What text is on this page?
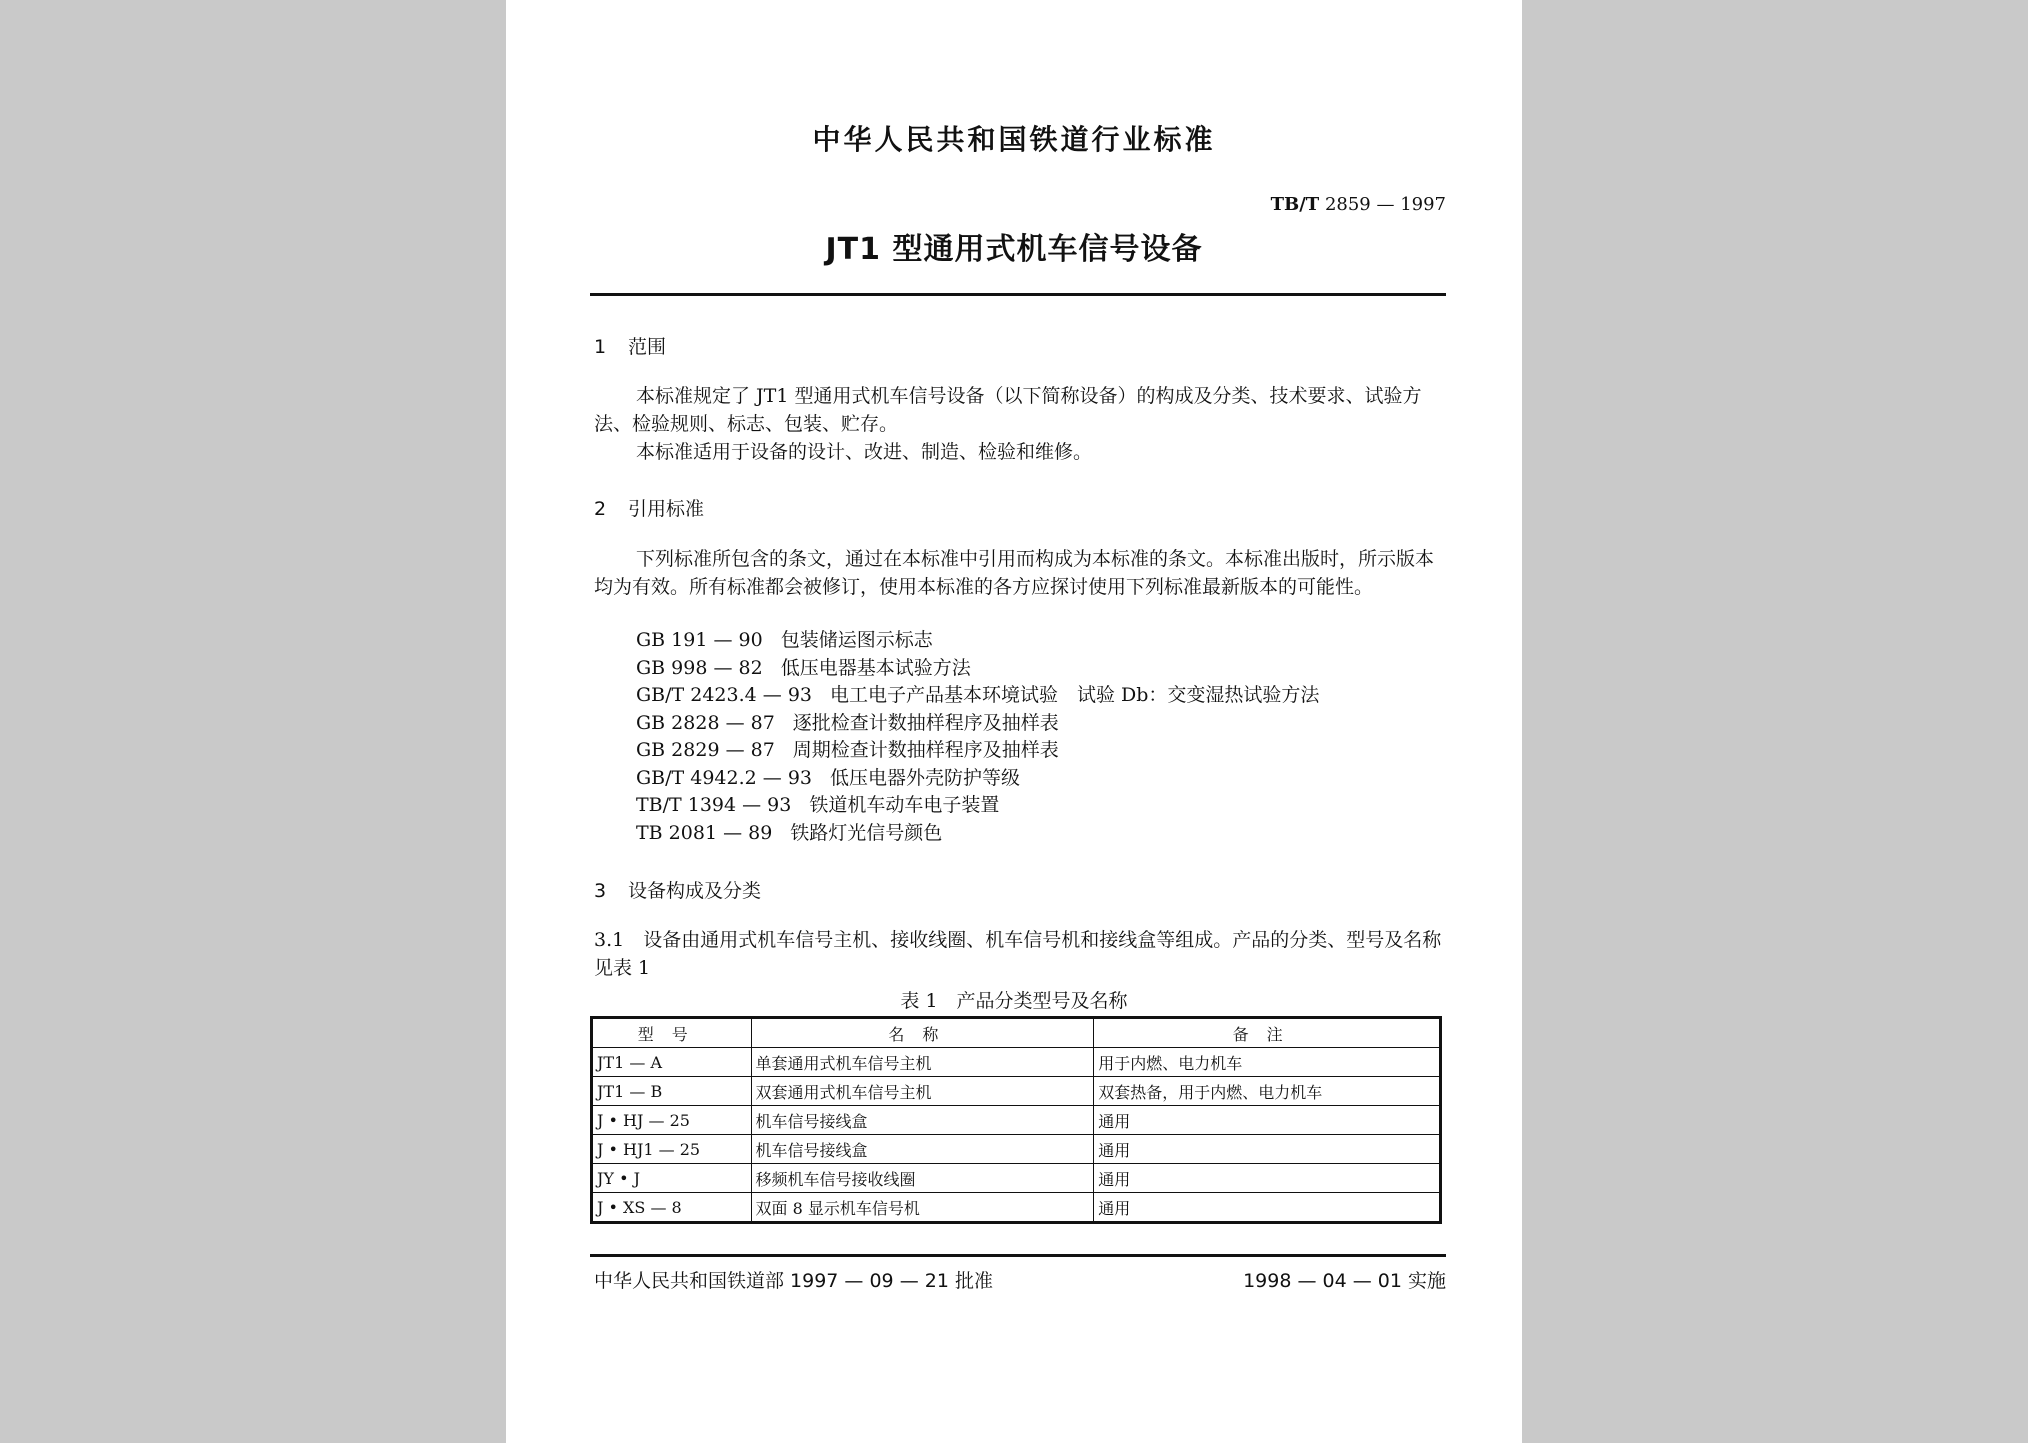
中华人民共和国铁道行业标准
TB/T 2859 — 1997
JT1 型通用式机车信号设备
1 范围
本标准规定了 JT1 型通用式机车信号设备（以下简称设备）的构成及分类、技术要求、试验方法、检验规则、标志、包装、贮存。
本标准适用于设备的设计、改进、制造、检验和维修。
2 引用标准
下列标准所包含的条文，通过在本标准中引用而构成为本标准的条文。本标准出版时，所示版本均为有效。所有标准都会被修订，使用本标准的各方应探讨使用下列标准最新版本的可能性。
GB 191 — 90 包装储运图示标志
GB 998 — 82 低压电器基本试验方法
GB/T 2423.4 — 93 电工电子产品基本环境试验　试验 Db：交变湿热试验方法
GB 2828 — 87 逐批检查计数抽样程序及抽样表
GB 2829 — 87 周期检查计数抽样程序及抽样表
GB/T 4942.2 — 93 低压电器外壳防护等级
TB/T 1394 — 93 铁道机车动车电子装置
TB 2081 — 89 铁路灯光信号颜色
3 设备构成及分类
3.1　设备由通用式机车信号主机、接收线圈、机车信号机和接线盒等组成。产品的分类、型号及名称见表 1
表 1　产品分类型号及名称
型号	名称	备注
JT1 — A	单套通用式机车信号主机	用于内燃、电力机车
JT1 — B	双套通用式机车信号主机	双套热备，用于内燃、电力机车
J • HJ — 25	机车信号接线盒	通用
J • HJ1 — 25	机车信号接线盒	通用
JY • J	移频机车信号接收线圈	通用
J • XS — 8	双面 8 显示机车信号机	通用
中华人民共和国铁道部 1997 — 09 — 21 批准	1998 — 04 — 01 实施
